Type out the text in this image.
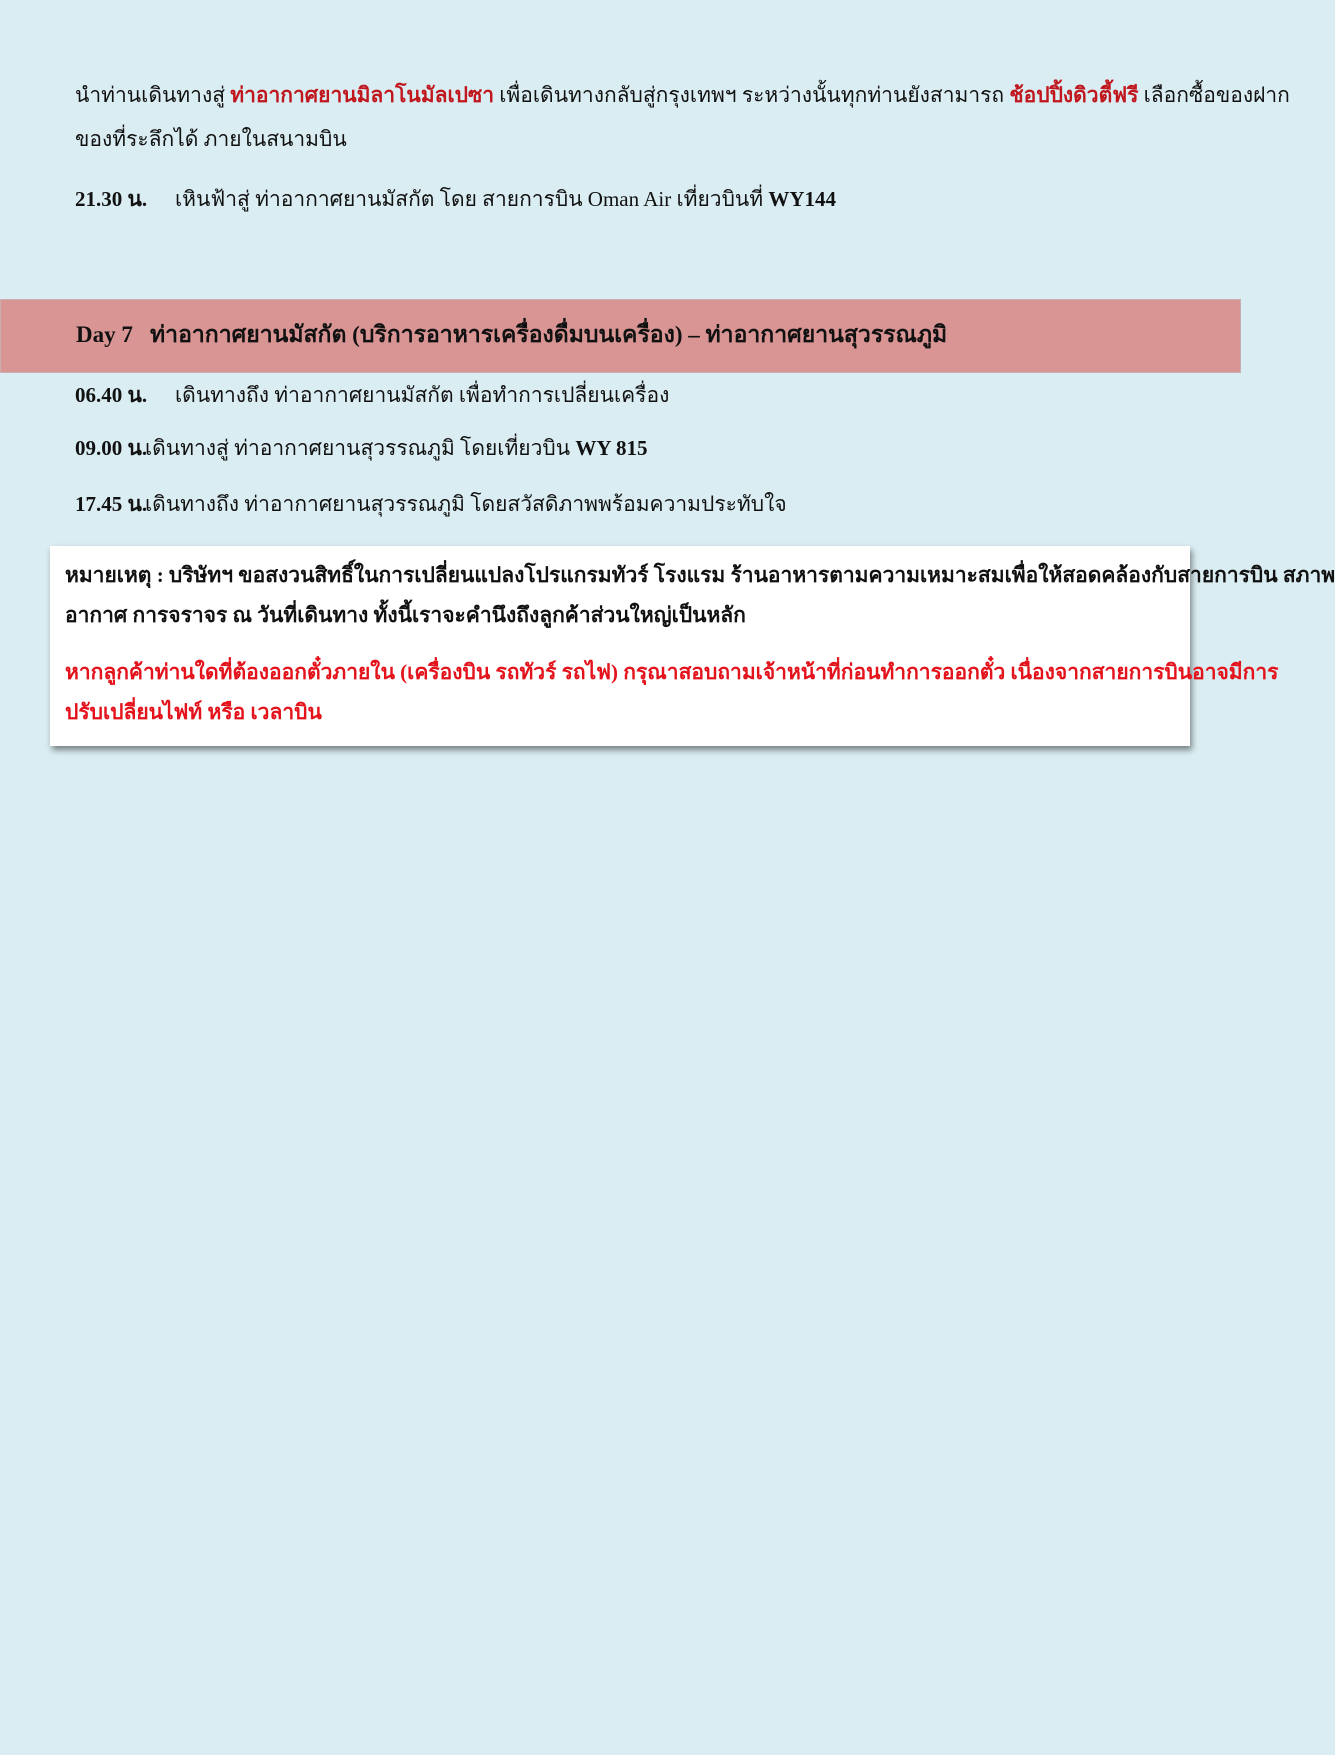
นำท่านเดินทางสู่ ท่าอากาศยานมิลาโนมัลเปซา เพื่อเดินทางกลับสู่กรุงเทพฯ ระหว่างนั้นทุกท่านยังสามารถ ช้อปปิ้งดิวตี้ฟรี เลือกซื้อของฝาก
ของที่ระลึกได้ ภายในสนามบิน
21.30 น. เหินฟ้าสู่ ท่าอากาศยานมัสกัต โดย สายการบิน Oman Air เที่ยวบินที่ WY144
Day 7 ท่าอากาศยานมัสกัต (บริการอาหารเครื่องดื่มบนเครื่อง) – ท่าอากาศยานสุวรรณภูมิ
06.40 น. เดินทางถึง ท่าอากาศยานมัสกัต เพื่อทำการเปลี่ยนเครื่อง
09.00 น.เดินทางสู่ ท่าอากาศยานสุวรรณภูมิ โดยเที่ยวบิน WY 815
17.45 น.เดินทางถึง ท่าอากาศยานสุวรรณภูมิ โดยสวัสดิภาพพร้อมความประทับใจ
หมายเหตุ : บริษัทฯ ขอสงวนสิทธิ์ในการเปลี่ยนแปลงโปรแกรมทัวร์ โรงแรม ร้านอาหารตามความเหมาะสมเพื่อให้สอดคล้องกับสายการบิน สภาพ
อากาศ การจราจร ณ วันที่เดินทาง ทั้งนี้เราจะคำนึงถึงลูกค้าส่วนใหญ่เป็นหลัก
หากลูกค้าท่านใดที่ต้องออกตั๋วภายใน (เครื่องบิน รถทัวร์ รถไฟ) กรุณาสอบถามเจ้าหน้าที่ก่อนทำการออกตั๋ว เนื่องจากสายการบินอาจมีการ
ปรับเปลี่ยนไฟท์ หรือ เวลาบิน
